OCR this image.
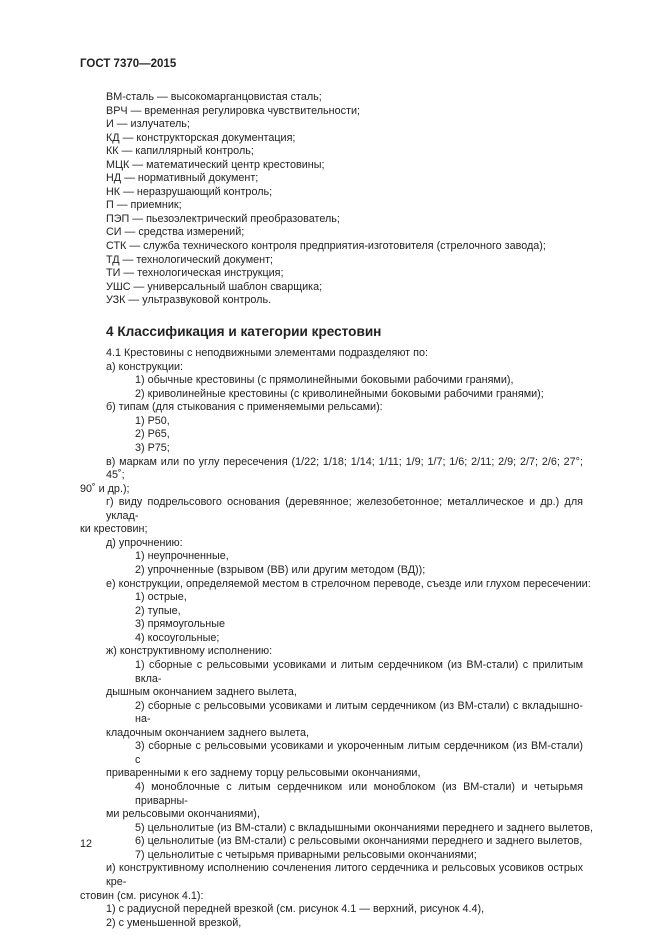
ГОСТ 7370—2015
ВМ-сталь — высокомарганцовистая сталь;
ВРЧ — временная регулировка чувствительности;
И — излучатель;
КД — конструкторская документация;
КК — капиллярный контроль;
МЦК — математический центр крестовины;
НД — нормативный документ;
НК — неразрушающий контроль;
П — приемник;
ПЭП — пьезоэлектрический преобразователь;
СИ — средства измерений;
СТК — служба технического контроля предприятия-изготовителя (стрелочного завода);
ТД — технологический документ;
ТИ — технологическая инструкция;
УШС — универсальный шаблон сварщика;
УЗК — ультразвуковой контроль.
4 Классификация и категории крестовин
4.1 Крестовины с неподвижными элементами подразделяют по:
а) конструкции:
1) обычные крестовины (с прямолинейными боковыми рабочими гранями),
2) криволинейные крестовины (с криволинейными боковыми рабочими гранями);
б) типам (для стыкования с применяемыми рельсами):
1) Р50,
2) Р65,
3) Р75;
в) маркам или по углу пересечения (1/22; 1/18; 1/14; 1/11; 1/9; 1/7; 1/6; 2/11; 2/9; 2/7; 2/6; 27°; 45˚;
90˚ и др.);
г) виду подрельсового основания (деревянное; железобетонное; металлическое и др.) для уклад-
ки крестовин;
д) упрочнению:
1) неупрочненные,
2) упрочненные (взрывом (ВВ) или другим методом (ВД));
е) конструкции, определяемой местом в стрелочном переводе, съезде или глухом пересечении:
1) острые,
2) тупые,
3) прямоугольные
4) косоугольные;
ж) конструктивному исполнению:
1) сборные с рельсовыми усовиками и литым сердечником (из ВМ-стали) с прилитым вкла-
дышным окончанием заднего вылета,
2) сборные с рельсовыми усовиками и литым сердечником (из ВМ-стали) с вкладышно-на-
кладочным окончанием заднего вылета,
3) сборные с рельсовыми усовиками и укороченным литым сердечником (из ВМ-стали) с
приваренными к его заднему торцу рельсовыми окончаниями,
4) моноблочные с литым сердечником или моноблоком (из ВМ-стали) и четырьмя приварны-
ми рельсовыми окончаниями),
5) цельнолитые (из ВМ-стали) с вкладышными окончаниями переднего и заднего вылетов,
6) цельнолитые (из ВМ-стали) с рельсовыми окончаниями переднего и заднего вылетов,
7) цельнолитые с четырьмя приварными рельсовыми окончаниями;
и) конструктивному исполнению сочленения литого сердечника и рельсовых усовиков острых кре-
стовин (см. рисунок 4.1):
1) с радиусной передней врезкой (см. рисунок 4.1 — верхний, рисунок 4.4),
2) с уменьшенной врезкой,
12
